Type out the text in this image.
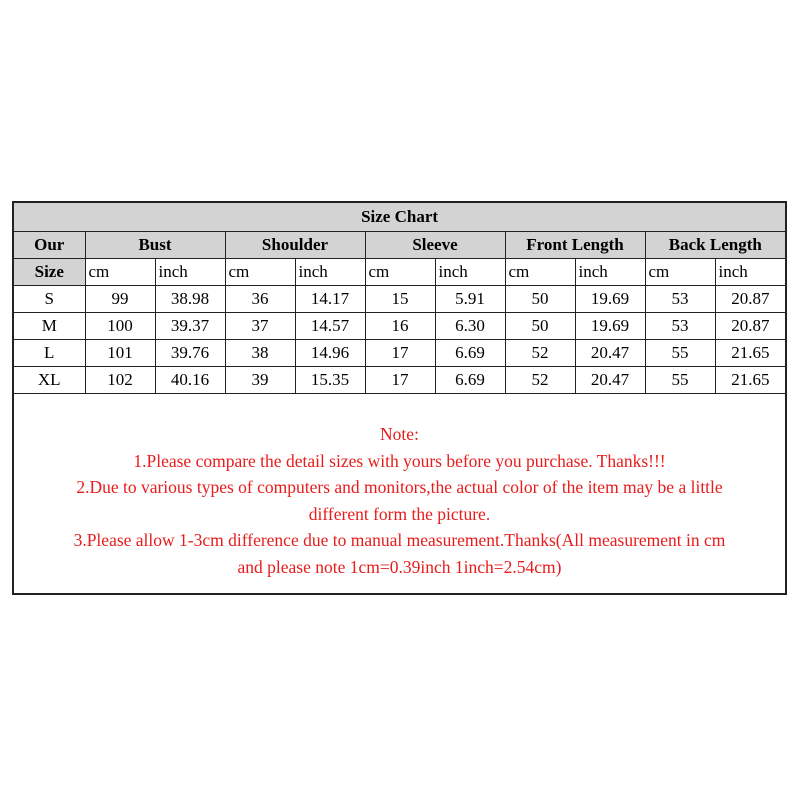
Size Chart										
Our	Bust		Shoulder		Sleeve		Front Length		Back Length	
Size	cm	inch	cm	inch	cm	inch	cm	inch	cm	inch
S	99	38.98	36	14.17	15	5.91	50	19.69	53	20.87
M	100	39.37	37	14.57	16	6.30	50	19.69	53	20.87
L	101	39.76	38	14.96	17	6.69	52	20.47	55	21.65
XL	102	40.16	39	15.35	17	6.69	52	20.47	55	21.65
Note:
1.Please compare the detail sizes with yours before you purchase. Thanks!!!
2.Due to various types of computers and monitors,the actual color of the item may be a little
different form the picture.
3.Please allow 1-3cm difference due to manual measurement.Thanks(All measurement in cm
and please note 1cm=0.39inch 1inch=2.54cm)
